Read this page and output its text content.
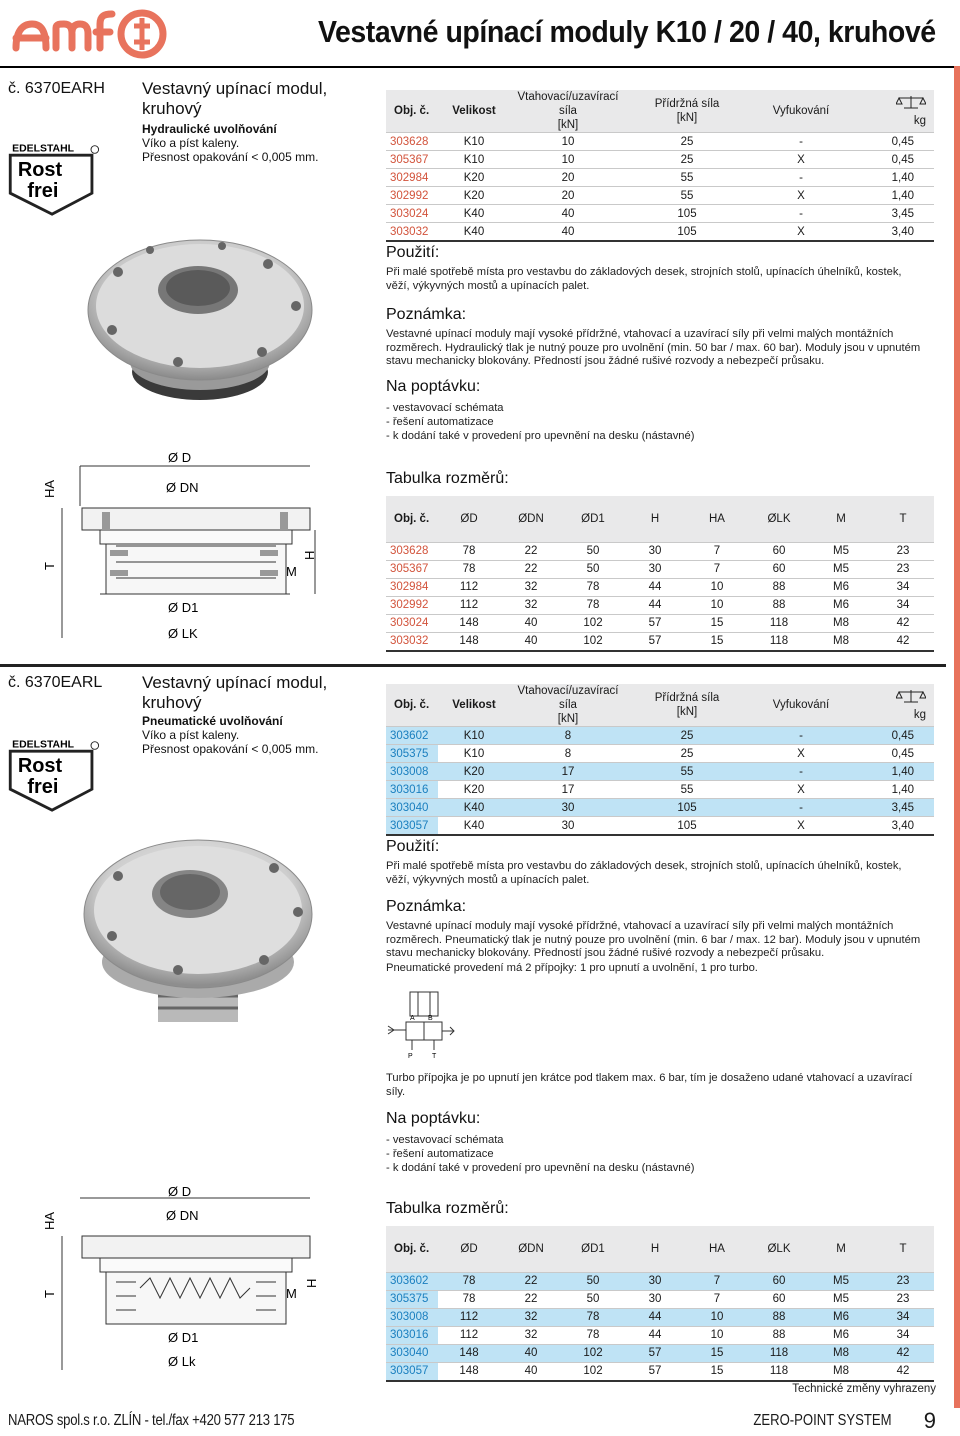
AMF
Vestavné upínací moduly K10 / 20 / 40, kruhové
č. 6370EARH Vestavný upínací modul, kruhový
Hydraulické uvolňování
Víko a píst kaleny.
Přesnost opakování < 0,005 mm.
EDELSTAHL
Rost
frei
Ø D
Ø DN
Ø D1
Ø LK
M
HA
T
H
Obj. č.	Velikost	Vtahovací/uzavírací síla
[kN]	Přídržná síla
[kN]	Vyfukování	kg
303628	K10	10	25	-	0,45
305367	K10	10	25	X	0,45
302984	K20	20	55	-	1,40
302992	K20	20	55	X	1,40
303024	K40	40	105	-	3,45
303032	K40	40	105	X	3,40
Použití:
Při malé spotřebě místa pro vestavbu do základových desek, strojních stolů, upínacích úhelníků, kostek, věží, výkyvných mostů a upínacích palet.
Poznámka:
Vestavné upínací moduly mají vysoké přídržné, vtahovací a uzavírací síly při velmi malých montážních rozměrech. Hydraulický tlak je nutný pouze pro uvolnění (min. 50 bar / max. 60 bar). Moduly jsou v upnutém stavu mechanicky blokovány. Předností jsou žádné rušivé rozvody a nebezpečí průsaku.
Na poptávku:
- vestavovací schémata
- řešení automatizace
- k dodání také v provedení pro upevnění na desku (nástavné)
Tabulka rozměrů:
Obj. č.	ØD	ØDN	ØD1	H	HA	ØLK	M	T
303628	78	22	50	30	7	60	M5	23
305367	78	22	50	30	7	60	M5	23
302984	112	32	78	44	10	88	M6	34
302992	112	32	78	44	10	88	M6	34
303024	148	40	102	57	15	118	M8	42
303032	148	40	102	57	15	118	M8	42
č. 6370EARL Vestavný upínací modul, kruhový
Pneumatické uvolňování
Víko a píst kaleny.
Přesnost opakování < 0,005 mm.
EDELSTAHL
Rost
frei
Ø D
Ø DN
Ø D1
Ø Lk
M
HA
T
H
Obj. č.	Velikost	Vtahovací/uzavírací síla
[kN]	Přídržná síla
[kN]	Vyfukování	kg
303602	K10	8	25	-	0,45
305375	K10	8	25	X	0,45
303008	K20	17	55	-	1,40
303016	K20	17	55	X	1,40
303040	K40	30	105	-	3,45
303057	K40	30	105	X	3,40
Použití:
Při malé spotřebě místa pro vestavbu do základových desek, strojních stolů, upínacích úhelníků, kostek, věží, výkyvných mostů a upínacích palet.
Poznámka:
Vestavné upínací moduly mají vysoké přídržné, vtahovací a uzavírací síly při velmi malých montážních rozměrech. Pneumatický tlak je nutný pouze pro uvolnění (min. 6 bar / max. 12 bar). Moduly jsou v upnutém stavu mechanicky blokovány. Předností jsou žádné rušivé rozvody a nebezpečí průsaku.
Pneumatické provedení má 2 přípojky: 1 pro upnutí a uvolnění, 1 pro turbo.
A B
P	T
Turbo přípojka je po upnutí jen krátce pod tlakem max. 6 bar, tím je dosaženo udané vtahovací a uzavírací síly.
Na poptávku:
- vestavovací schémata
- řešení automatizace
- k dodání také v provedení pro upevnění na desku (nástavné)
Tabulka rozměrů:
Obj. č.	ØD	ØDN	ØD1	H	HA	ØLK	M	T
303602	78	22	50	30	7	60	M5	23
305375	78	22	50	30	7	60	M5	23
303008	112	32	78	44	10	88	M6	34
303016	112	32	78	44	10	88	M6	34
303040	148	40	102	57	15	118	M8	42
303057	148	40	102	57	15	118	M8	42
Technické změny vyhrazeny
NAROS spol.s r.o. ZLÍN - tel./fax +420 577 213 175	ZERO-POINT SYSTEM 9
